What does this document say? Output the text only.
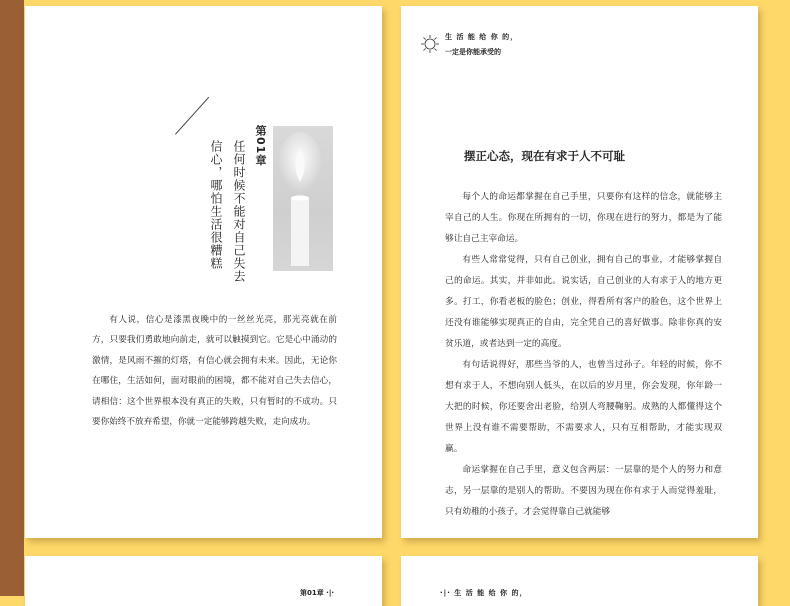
第01章
任何时候不能对自己失去
信心，哪怕生活很糟糕

有人说，信心是漆黑夜晚中的一丝丝光亮，那光亮就在前方，只要我们勇敢地向前走，就可以触摸到它。它是心中涌动的激情，是风雨不摧的灯塔，有信心就会拥有未来。因此，无论你在哪住，生活如何，面对眼前的困境，都不能对自己失去信心，请相信：这个世界根本没有真正的失败，只有暂时的不成功。只要你始终不放弃希望，你就一定能够跨越失败，走向成功。

生 活 能 给 你 的，
一定是你能承受的
摆正心态，现在有求于人不可耻

每个人的命运都掌握在自己手里，只要你有这样的信念，就能够主宰自己的人生。你现在所拥有的一切，你现在进行的努力，都是为了能够让自己主宰命运。

有些人常常觉得，只有自己创业，拥有自己的事业，才能够掌握自己的命运。其实，并非如此。说实话，自己创业的人有求于人的地方更多。打工，你看老板的脸色；创业，得看所有客户的脸色，这个世界上还没有谁能够实现真正的自由，完全凭自己的喜好做事。除非你真的安贫乐道，或者达到一定的高度。

有句话说得好，那些当爷的人，也曾当过孙子。年轻的时候，你不想有求于人，不想向别人低头，在以后的岁月里，你会发现，你年龄一大把的时候，你还要舍出老脸，给别人弯腰鞠躬。成熟的人都懂得这个世界上没有谁不需要帮助，不需要求人，只有互相帮助，才能实现双赢。

命运掌握在自己手里，意义包含两层：一层靠的是个人的努力和意志，另一层靠的是别人的帮助。不要因为现在你有求于人而觉得羞耻，只有幼稚的小孩子，才会觉得靠自己就能够

第01章 ·|·	·|· 生 活 能 给 你 的，
